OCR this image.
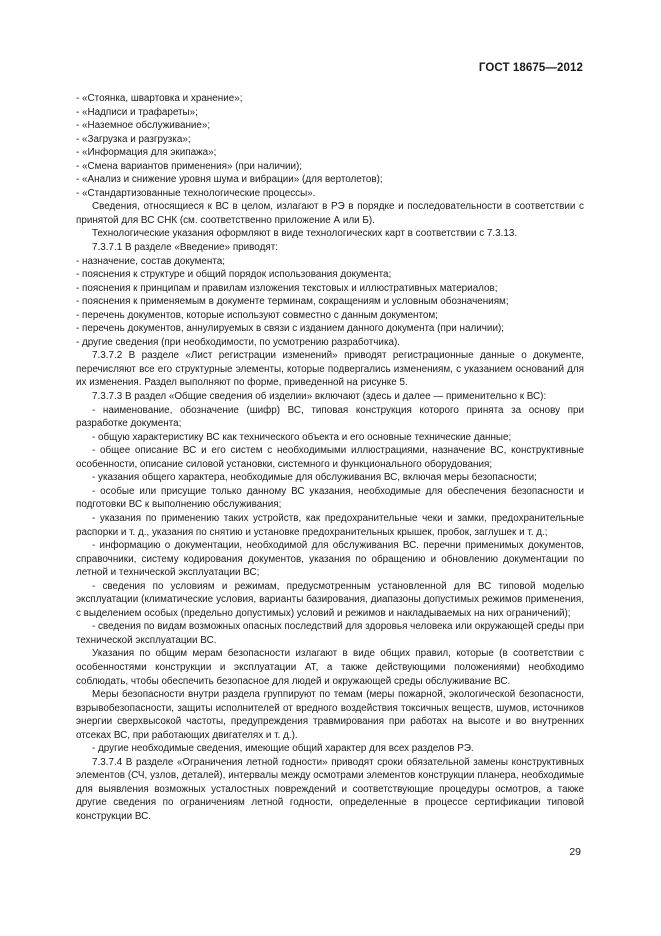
ГОСТ 18675—2012

- «Стоянка, швартовка и хранение»;

- «Надписи и трафареты»;

- «Наземное обслуживание»;

- «Загрузка и разгрузка»;

- «Информация для экипажа»;

- «Смена вариантов применения» (при наличии);

- «Анализ и снижение уровня шума и вибрации» (для вертолетов);

- «Стандартизованные технологические процессы».

Сведения, относящиеся к ВС в целом, излагают в РЭ в порядке и последовательности в соответствии с принятой для ВС СНК (см. соответственно приложение А или Б).

Технологические указания оформляют в виде технологических карт в соответствии с 7.3.13.

7.3.7.1 В разделе «Введение» приводят:

- назначение, состав документа;

- пояснения к структуре и общий порядок использования документа;

- пояснения к принципам и правилам изложения текстовых и иллюстративных материалов;

- пояснения к применяемым в документе терминам, сокращениям и условным обозначениям;

- перечень документов, которые используют совместно с данным документом;

- перечень документов, аннулируемых в связи с изданием данного документа (при наличии);

- другие сведения (при необходимости, по усмотрению разработчика).

7.3.7.2 В разделе «Лист регистрации изменений» приводят регистрационные данные о документе, перечисляют все его структурные элементы, которые подвергались изменениям, с указанием оснований для их изменения. Раздел выполняют по форме, приведенной на рисунке 5.

7.3.7.3 В раздел «Общие сведения об изделии» включают (здесь и далее — применительно к ВС):

- наименование, обозначение (шифр) ВС, типовая конструкция которого принята за основу при разработке документа;

- общую характеристику ВС как технического объекта и его основные технические данные;

- общее описание ВС и его систем с необходимыми иллюстрациями, назначение ВС, конструктивные особенности, описание силовой установки, системного и функционального оборудования;

- указания общего характера, необходимые для обслуживания ВС, включая меры безопасности;

- особые или присущие только данному ВС указания, необходимые для обеспечения безопасности и подготовки ВС к выполнению обслуживания;

- указания по применению таких устройств, как предохранительные чеки и замки, предохранительные распорки и т. д., указания по снятию и установке предохранительных крышек, пробок, заглушек и т. д.;

- информацию о документации, необходимой для обслуживания ВС. перечни применимых документов, справочники, систему кодирования документов, указания по обращению и обновлению документации по летной и технической эксплуатации ВС;

- сведения по условиям и режимам, предусмотренным установленной для ВС типовой моделью эксплуатации (климатические условия, варианты базирования, диапазоны допустимых режимов применения, с выделением особых (предельно допустимых) условий и режимов и накладываемых на них ограничений);

- сведения по видам возможных опасных последствий для здоровья человека или окружающей среды при технической эксплуатации ВС.

Указания по общим мерам безопасности излагают в виде общих правил, которые (в соответствии с особенностями конструкции и эксплуатации АТ, а также действующими положениями) необходимо соблюдать, чтобы обеспечить безопасное для людей и окружающей среды обслуживание ВС.

Меры безопасности внутри раздела группируют по темам (меры пожарной, экологической безопасности, взрывобезопасности, защиты исполнителей от вредного воздействия токсичных веществ, шумов, источников энергии сверхвысокой частоты, предупреждения травмирования при работах на высоте и во внутренних отсеках ВС, при работающих двигателях и т. д.).

- другие необходимые сведения, имеющие общий характер для всех разделов РЭ.

7.3.7.4 В разделе «Ограничения летной годности» приводят сроки обязательной замены конструктивных элементов (СЧ, узлов, деталей), интервалы между осмотрами элементов конструкции планера, необходимые для выявления возможных усталостных повреждений и соответствующие процедуры осмотров, а также другие сведения по ограничениям летной годности, определенные в процессе сертификации типовой конструкции ВС.

29
